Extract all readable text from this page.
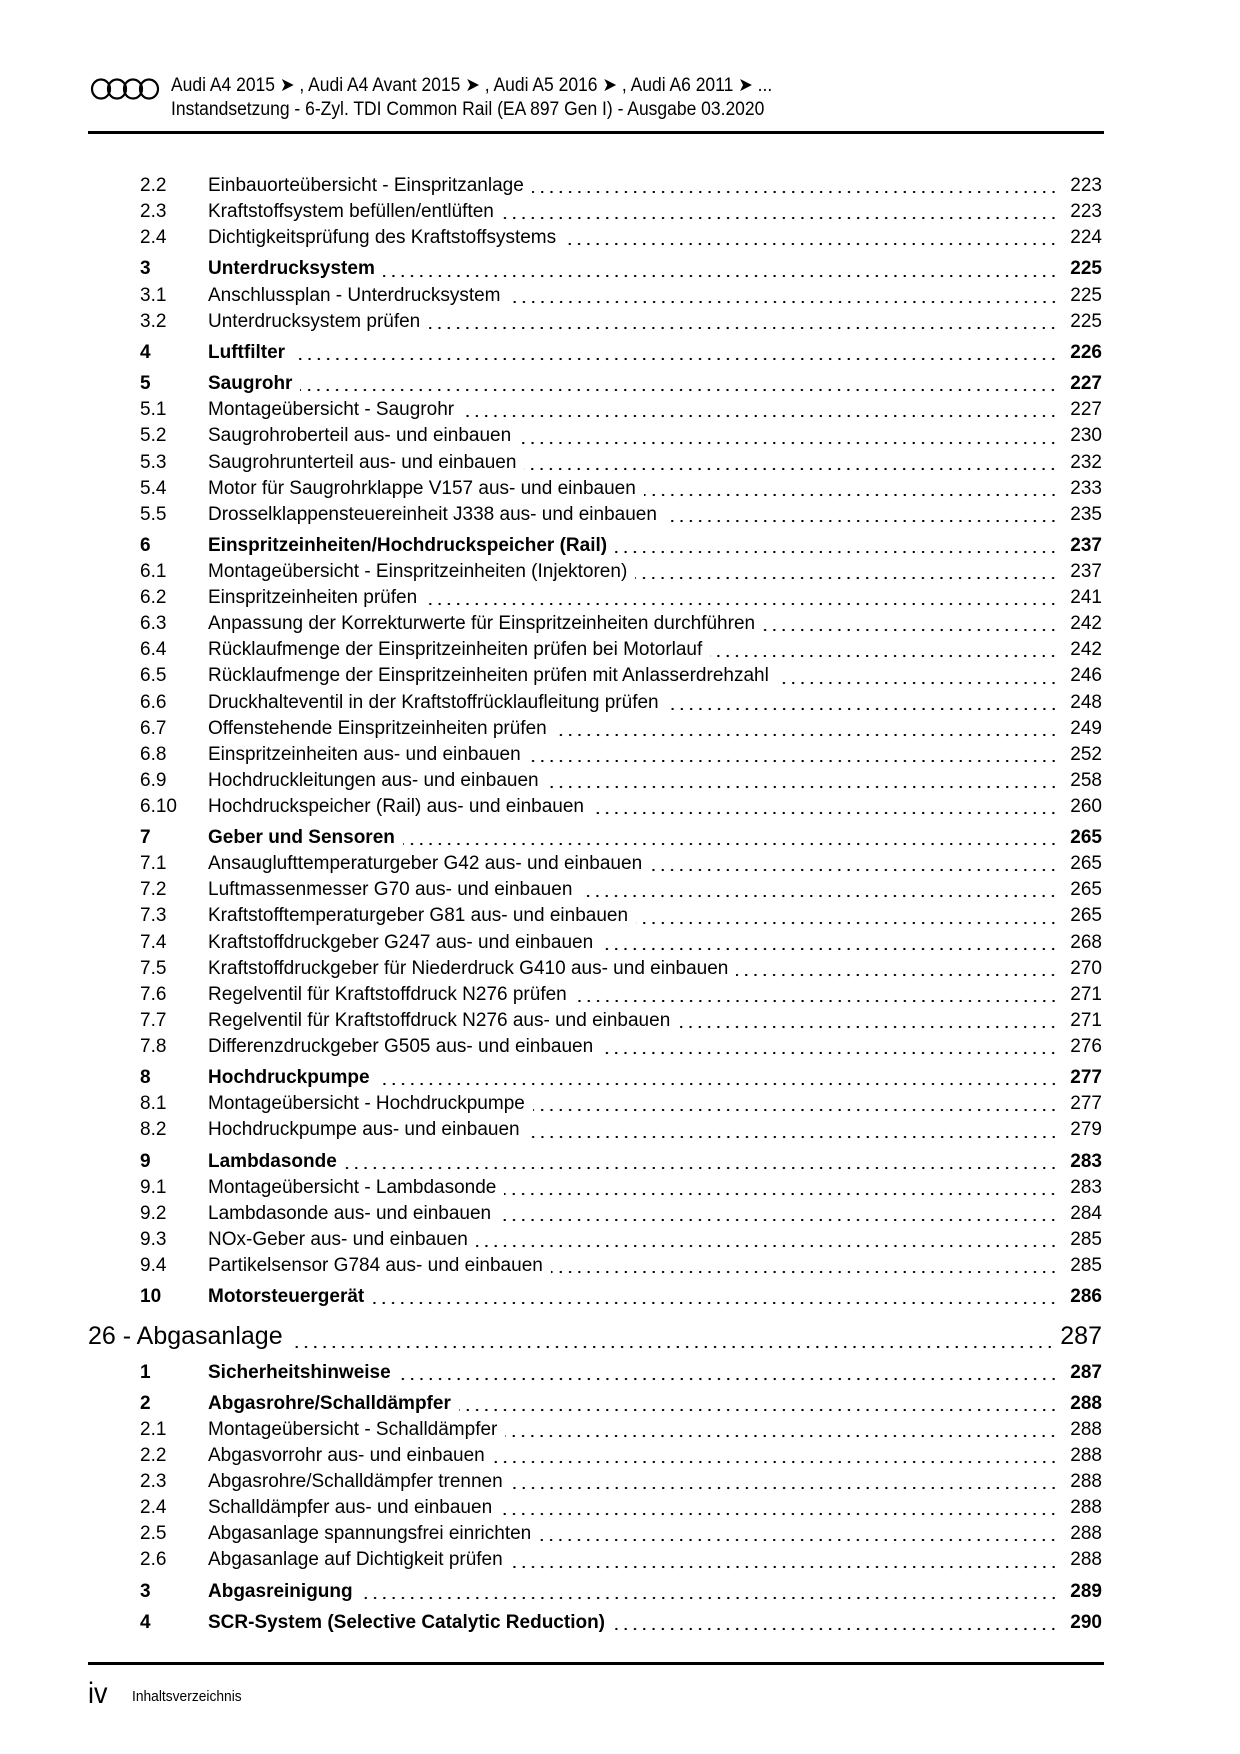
Audi A4 2015 ➤ , Audi A4 Avant 2015 ➤ , Audi A5 2016 ➤ , Audi A6 2011 ➤ ...
Instandsetzung - 6-Zyl. TDI Common Rail (EA 897 Gen I) - Ausgabe 03.2020
2.2	Einbauorteübersicht - Einspritzanlage	223
2.3	Kraftstoffsystem befüllen/entlüften	223
2.4	Dichtigkeitsprüfung des Kraftstoffsystems	224
3	Unterdrucksystem	225
3.1	Anschlussplan - Unterdrucksystem	225
3.2	Unterdrucksystem prüfen	225
4	Luftfilter	226
5	Saugrohr	227
5.1	Montageübersicht - Saugrohr	227
5.2	Saugrohroberteil aus- und einbauen	230
5.3	Saugrohrunterteil aus- und einbauen	232
5.4	Motor für Saugrohrklappe V157 aus- und einbauen	233
5.5	Drosselklappensteuereinheit J338 aus- und einbauen	235
6	Einspritzeinheiten/Hochdruckspeicher (Rail)	237
6.1	Montageübersicht - Einspritzeinheiten (Injektoren)	237
6.2	Einspritzeinheiten prüfen	241
6.3	Anpassung der Korrekturwerte für Einspritzeinheiten durchführen	242
6.4	Rücklaufmenge der Einspritzeinheiten prüfen bei Motorlauf	242
6.5	Rücklaufmenge der Einspritzeinheiten prüfen mit Anlasserdrehzahl	246
6.6	Druckhalteventil in der Kraftstoffrücklaufleitung prüfen	248
6.7	Offenstehende Einspritzeinheiten prüfen	249
6.8	Einspritzeinheiten aus- und einbauen	252
6.9	Hochdruckleitungen aus- und einbauen	258
6.10	Hochdruckspeicher (Rail) aus- und einbauen	260
7	Geber und Sensoren	265
7.1	Ansauglufttemperaturgeber G42 aus- und einbauen	265
7.2	Luftmassenmesser G70 aus- und einbauen	265
7.3	Kraftstofftemperaturgeber G81 aus- und einbauen	265
7.4	Kraftstoffdruckgeber G247 aus- und einbauen	268
7.5	Kraftstoffdruckgeber für Niederdruck G410 aus- und einbauen	270
7.6	Regelventil für Kraftstoffdruck N276 prüfen	271
7.7	Regelventil für Kraftstoffdruck N276 aus- und einbauen	271
7.8	Differenzdruckgeber G505 aus- und einbauen	276
8	Hochdruckpumpe	277
8.1	Montageübersicht - Hochdruckpumpe	277
8.2	Hochdruckpumpe aus- und einbauen	279
9	Lambdasonde	283
9.1	Montageübersicht - Lambdasonde	283
9.2	Lambdasonde aus- und einbauen	284
9.3	NOx-Geber aus- und einbauen	285
9.4	Partikelsensor G784 aus- und einbauen	285
10	Motorsteuergerät	286
26 - Abgasanlage	287
1	Sicherheitshinweise	287
2	Abgasrohre/Schalldämpfer	288
2.1	Montageübersicht - Schalldämpfer	288
2.2	Abgasvorrohr aus- und einbauen	288
2.3	Abgasrohre/Schalldämpfer trennen	288
2.4	Schalldämpfer aus- und einbauen	288
2.5	Abgasanlage spannungsfrei einrichten	288
2.6	Abgasanlage auf Dichtigkeit prüfen	288
3	Abgasreinigung	289
4	SCR-System (Selective Catalytic Reduction)	290
iv Inhaltsverzeichnis
